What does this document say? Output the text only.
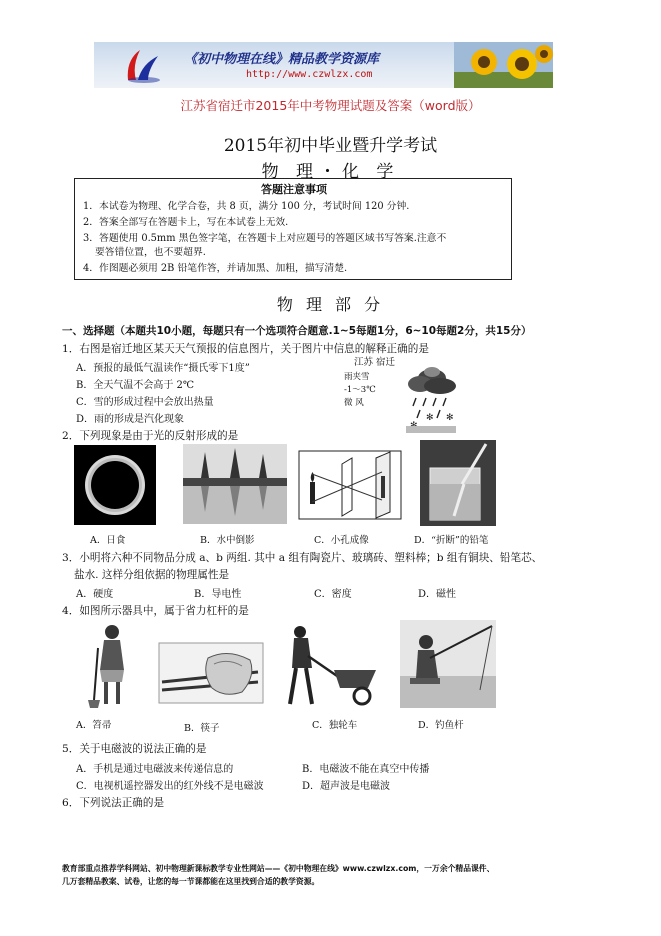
《初中物理在线》精品教学资源库
http://www.czwlzx.com
江苏省宿迁市2015年中考物理试题及答案（word版）
2015年初中毕业暨升学考试
物 理・化 学
答题注意事项
1．本试卷为物理、化学合卷，共 8 页，满分 100 分，考试时间 120 分钟.
2．答案全部写在答题卡上，写在本试卷上无效.
3．答题使用 0.5mm 黑色签字笔，在答题卡上对应题号的答题区域书写答案.注意不
要答错位置，也不要超界.
4．作图题必须用 2B 铅笔作答，并请加黑、加粗，描写清楚.
物 理 部 分
一、选择题（本题共10小题，每题只有一个选项符合题意.1~5每题1分，6~10每题2分，共15分）
1．右图是宿迁地区某天天气预报的信息图片，关于图片中信息的解释正确的是
A．预报的最低气温读作“摄氏零下1度”
B．全天气温不会高于 2℃
C．雪的形成过程中会放出热量
D．雨的形成是汽化现象
江苏 宿迁
雨夹雪
-1～3℃
微 风
✻ ✻
2．下列现象是由于光的反射形成的是
A．日食	B．水中倒影	C．小孔成像	D．“折断”的铅笔
3．小明将六种不同物品分成 a、b 两组. 其中 a 组有陶瓷片、玻璃砖、塑料棒；b 组有铜块、铅笔芯、
盐水. 这样分组依据的物理属性是
A．硬度	B．导电性	C．密度	D．磁性
4．如图所示器具中，属于省力杠杆的是
A．笤帚	B．筷子	C．独轮车	D．钓鱼杆
5．关于电磁波的说法正确的是
A．手机是通过电磁波来传递信息的	B．电磁波不能在真空中传播
C．电视机遥控器发出的红外线不是电磁波	D．超声波是电磁波
6．下列说法正确的是
教育部重点推荐学科网站、初中物理新课标教学专业性网站——《初中物理在线》www.czwlzx.com，一万余个精品课件、
几万套精品教案、试卷，让您的每一节课都能在这里找到合适的教学资源。
